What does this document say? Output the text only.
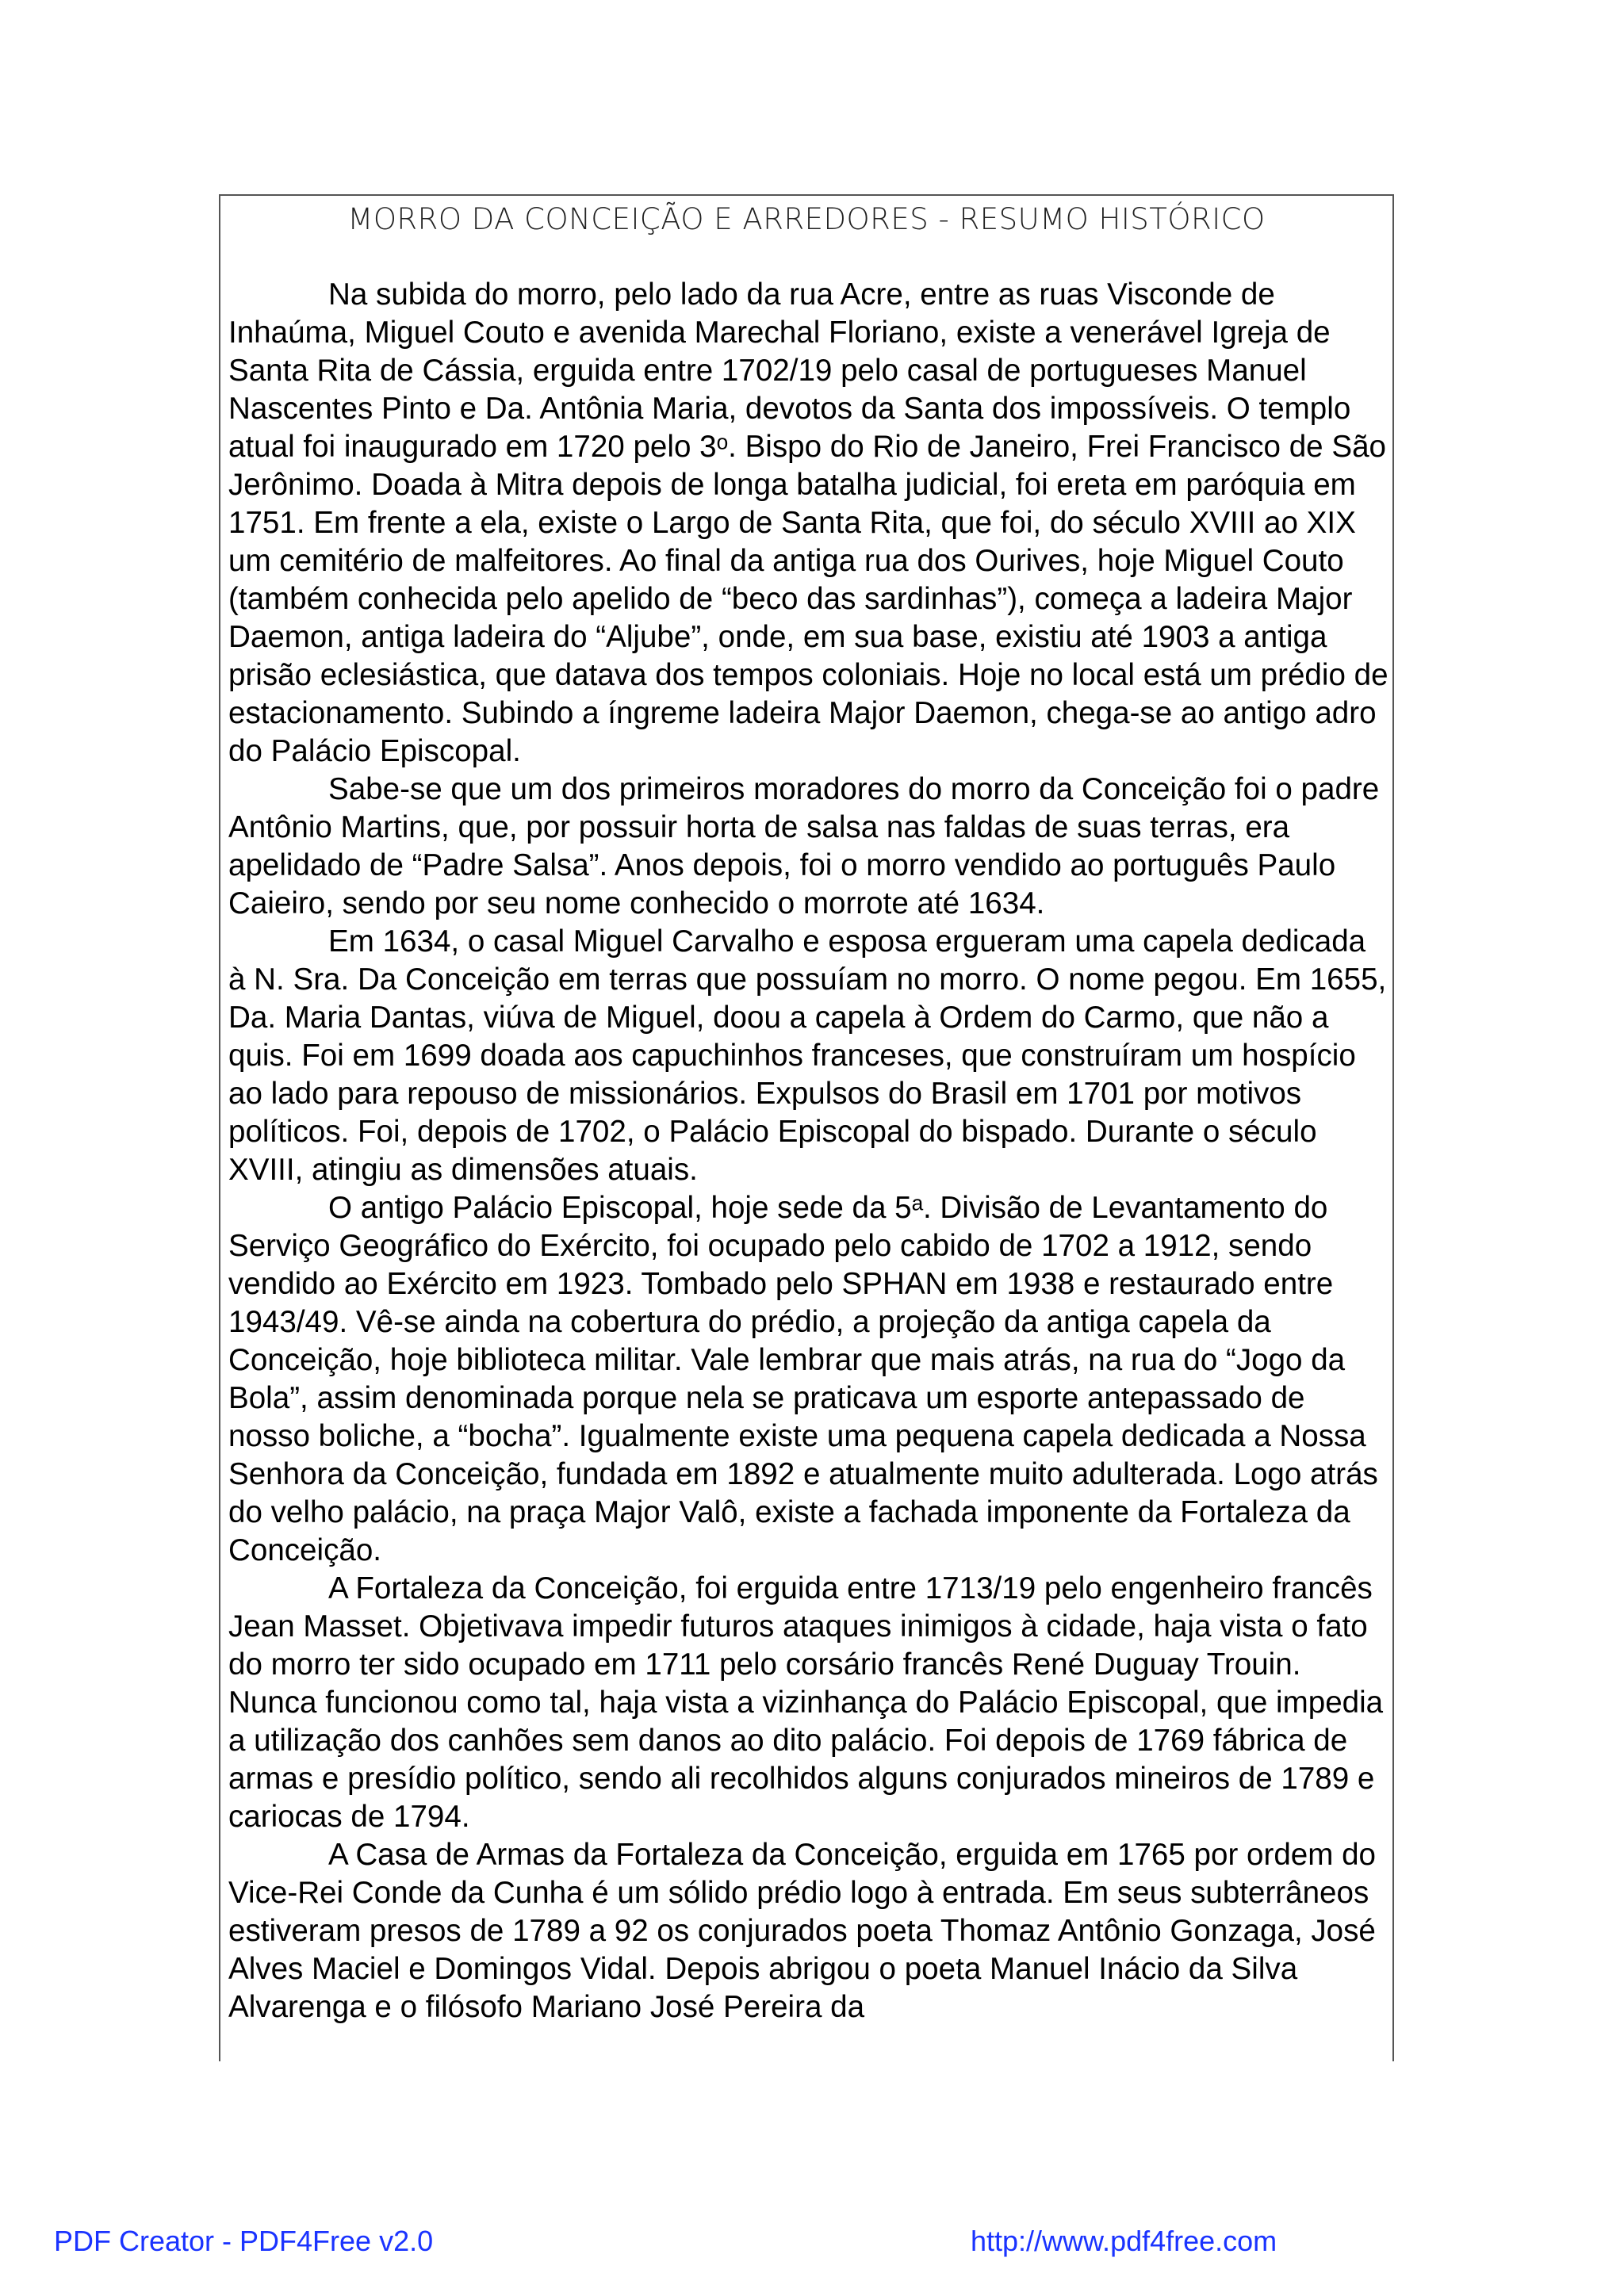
MORRO DA CONCEIÇÃO E ARREDORES - RESUMO HISTÓRICO

Na subida do morro, pelo lado da rua Acre, entre as ruas Visconde de Inhaúma, Miguel Couto e avenida Marechal Floriano, existe a venerável Igreja de Santa Rita de Cássia, erguida entre 1702/19 pelo casal de portugueses Manuel Nascentes Pinto e Da. Antônia Maria, devotos da Santa dos impossíveis. O templo atual foi inaugurado em 1720 pelo 3ᵒ. Bispo do Rio de Janeiro, Frei Francisco de São Jerônimo. Doada à Mitra depois de longa batalha judicial, foi ereta em paróquia em 1751. Em frente a ela, existe o Largo de Santa Rita, que foi, do século XVIII ao XIX um cemitério de malfeitores. Ao final da antiga rua dos Ourives, hoje Miguel Couto (também conhecida pelo apelido de “beco das sardinhas”), começa a ladeira Major Daemon, antiga ladeira do “Aljube”, onde, em sua base, existiu até 1903 a antiga prisão eclesiástica, que datava dos tempos coloniais. Hoje no local está um prédio de estacionamento. Subindo a íngreme ladeira Major Daemon, chega-se ao antigo adro do Palácio Episcopal.

Sabe-se que um dos primeiros moradores do morro da Conceição foi o padre Antônio Martins, que, por possuir horta de salsa nas faldas de suas terras, era apelidado de “Padre Salsa”. Anos depois, foi o morro vendido ao português Paulo Caieiro, sendo por seu nome conhecido o morrote até 1634.

Em 1634, o casal Miguel Carvalho e esposa ergueram uma capela dedicada à N. Sra. Da Conceição em terras que possuíam no morro. O nome pegou. Em 1655, Da. Maria Dantas, viúva de Miguel, doou a capela à Ordem do Carmo, que não a quis. Foi em 1699 doada aos capuchinhos franceses, que construíram um hospício ao lado para repouso de missionários. Expulsos do Brasil em 1701 por motivos políticos. Foi, depois de 1702, o Palácio Episcopal do bispado. Durante o século XVIII, atingiu as dimensões atuais.

O antigo Palácio Episcopal, hoje sede da 5ᵃ. Divisão de Levantamento do Serviço Geográfico do Exército, foi ocupado pelo cabido de 1702 a 1912, sendo vendido ao Exército em 1923. Tombado pelo SPHAN em 1938 e restaurado entre 1943/49. Vê-se ainda na cobertura do prédio, a projeção da antiga capela da Conceição, hoje biblioteca militar. Vale lembrar que mais atrás, na rua do “Jogo da Bola”, assim denominada porque nela se praticava um esporte antepassado de nosso boliche, a “bocha”. Igualmente existe uma pequena capela dedicada a Nossa Senhora da Conceição, fundada em 1892 e atualmente muito adulterada. Logo atrás do velho palácio, na praça Major Valô, existe a fachada imponente da Fortaleza da Conceição.

A Fortaleza da Conceição, foi erguida entre 1713/19 pelo engenheiro francês Jean Masset. Objetivava impedir futuros ataques inimigos à cidade, haja vista o fato do morro ter sido ocupado em 1711 pelo corsário francês René Duguay Trouin. Nunca funcionou como tal, haja vista a vizinhança do Palácio Episcopal, que impedia a utilização dos canhões sem danos ao dito palácio. Foi depois de 1769 fábrica de armas e presídio político, sendo ali recolhidos alguns conjurados mineiros de 1789 e cariocas de 1794.

A Casa de Armas da Fortaleza da Conceição, erguida em 1765 por ordem do Vice-Rei Conde da Cunha é um sólido prédio logo à entrada. Em seus subterrâneos estiveram presos de 1789 a 92 os conjurados poeta Thomaz Antônio Gonzaga, José Alves Maciel e Domingos Vidal. Depois abrigou o poeta Manuel Inácio da Silva Alvarenga e o filósofo Mariano José Pereira da

PDF Creator - PDF4Free v2.0	http://www.pdf4free.com
